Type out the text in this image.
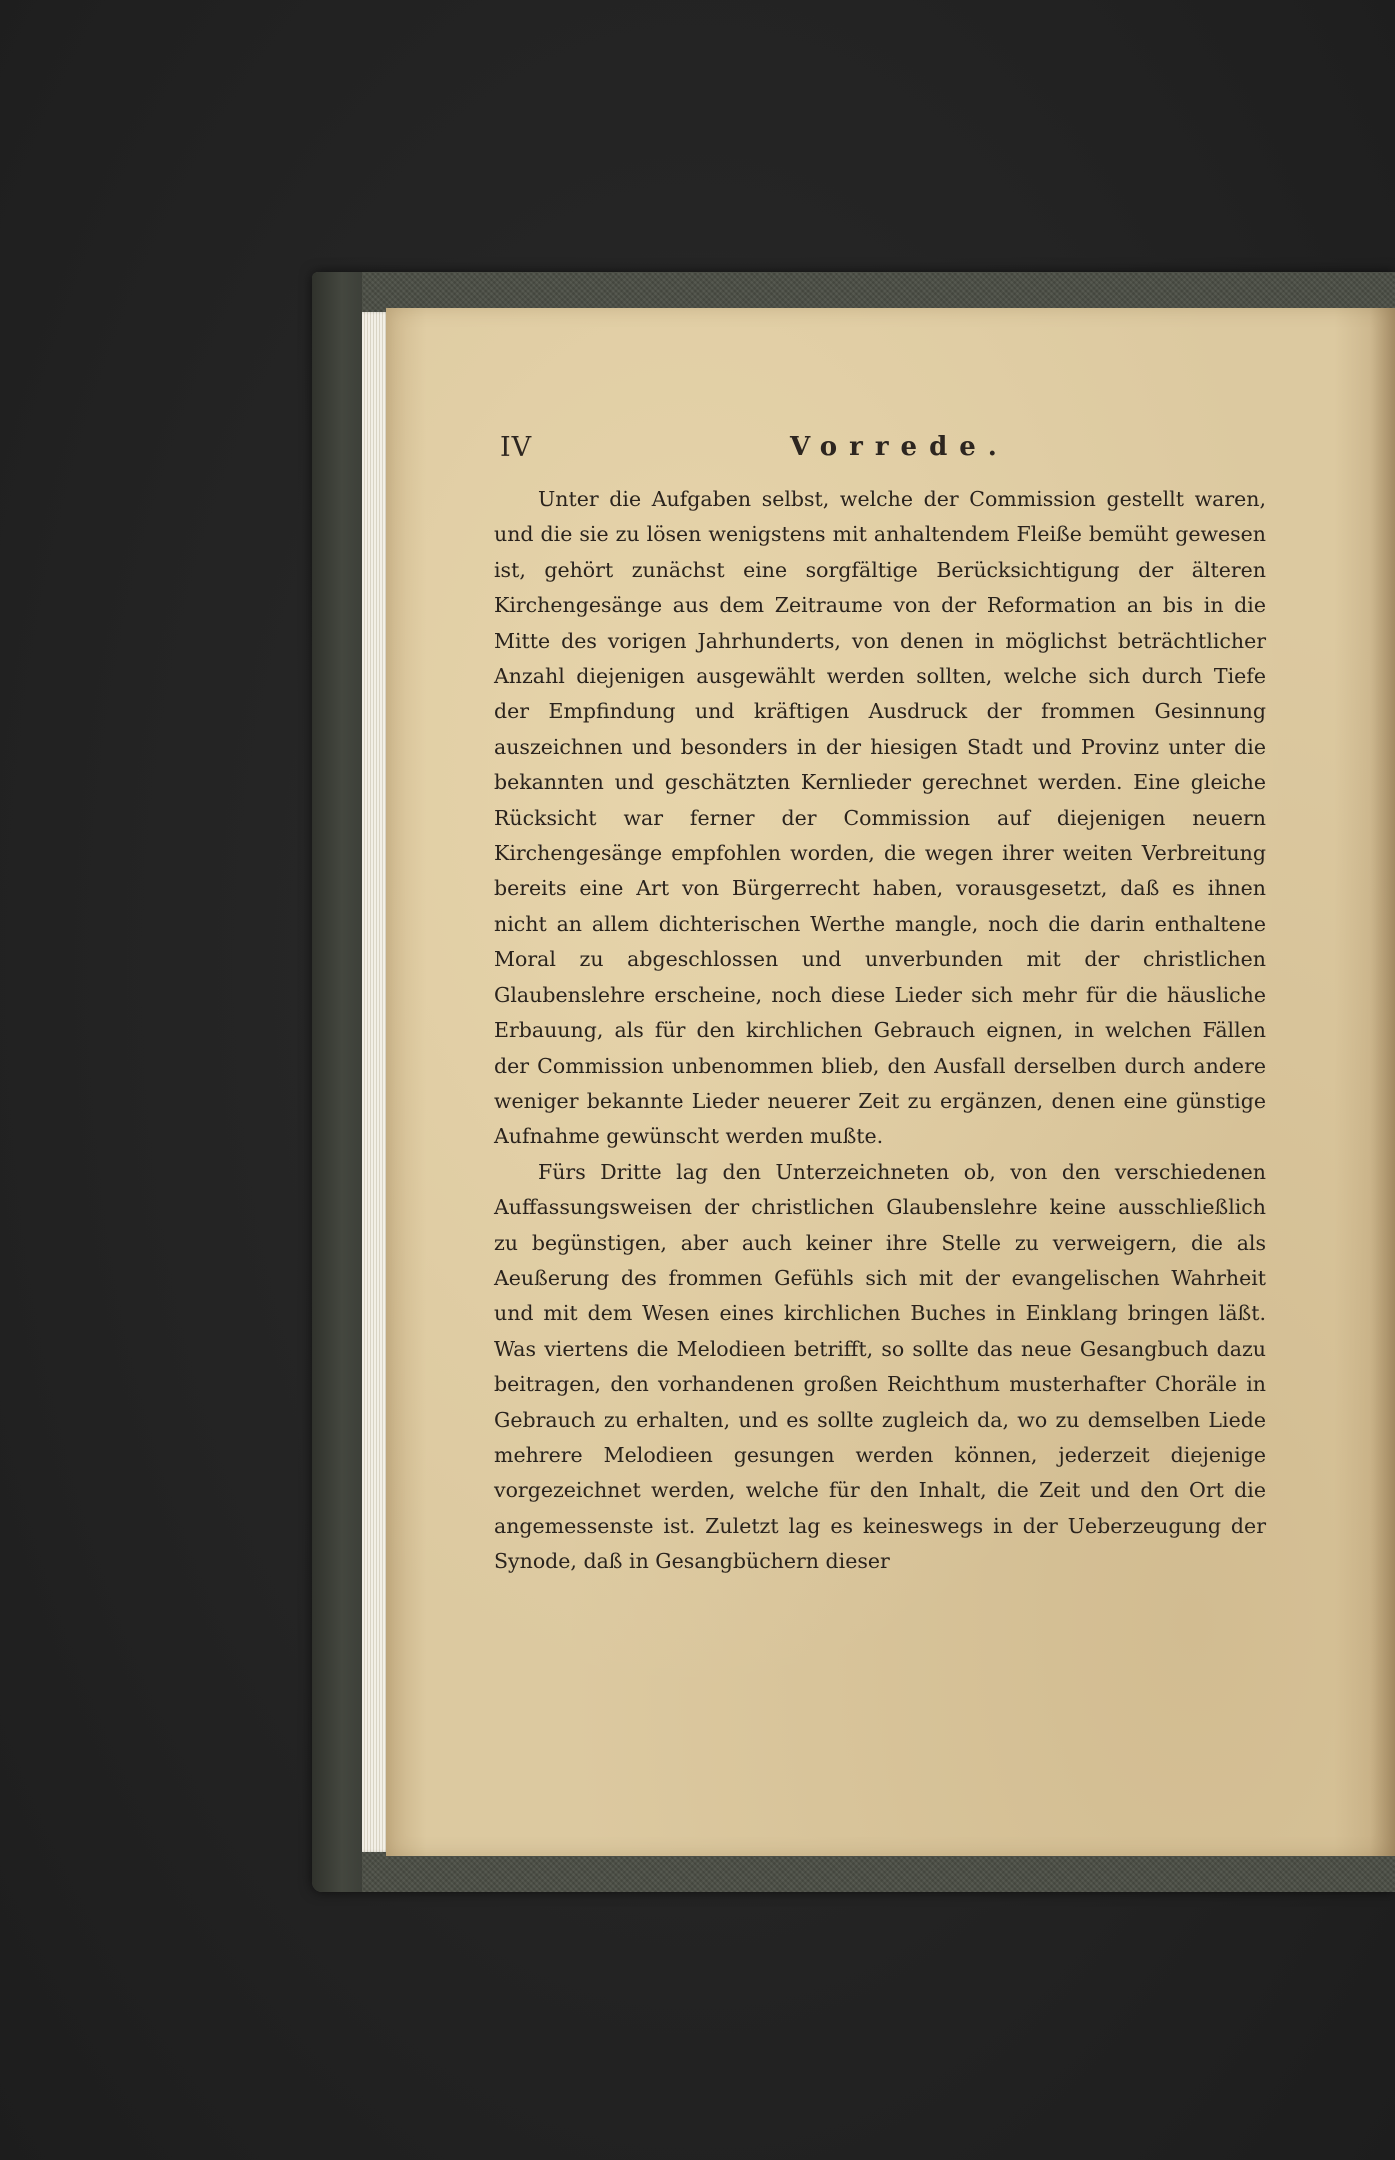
IV	Vorrede.

Unter die Aufgaben selbst, welche der Commission gestellt waren, und die sie zu lösen wenigstens mit anhaltendem Fleiße bemüht gewesen ist, gehört zunächst eine sorgfältige Berücksichtigung der älteren Kirchengesänge aus dem Zeitraume von der Reformation an bis in die Mitte des vorigen Jahrhunderts, von denen in möglichst beträchtlicher Anzahl diejenigen ausgewählt werden sollten, welche sich durch Tiefe der Empfindung und kräftigen Ausdruck der frommen Gesinnung auszeichnen und besonders in der hiesigen Stadt und Provinz unter die bekannten und geschätzten Kernlieder gerechnet werden. Eine gleiche Rücksicht war ferner der Commission auf diejenigen neuern Kirchengesänge empfohlen worden, die wegen ihrer weiten Verbreitung bereits eine Art von Bürgerrecht haben, vorausgesetzt, daß es ihnen nicht an allem dichterischen Werthe mangle, noch die darin enthaltene Moral zu abgeschlossen und unverbunden mit der christlichen Glaubenslehre erscheine, noch diese Lieder sich mehr für die häusliche Erbauung, als für den kirchlichen Gebrauch eignen, in welchen Fällen der Commission unbenommen blieb, den Ausfall derselben durch andere weniger bekannte Lieder neuerer Zeit zu ergänzen, denen eine günstige Aufnahme gewünscht werden mußte.

Fürs Dritte lag den Unterzeichneten ob, von den verschiedenen Auffassungsweisen der christlichen Glaubenslehre keine ausschließlich zu begünstigen, aber auch keiner ihre Stelle zu verweigern, die als Aeußerung des frommen Gefühls sich mit der evangelischen Wahrheit und mit dem Wesen eines kirchlichen Buches in Einklang bringen läßt. Was viertens die Melodieen betrifft, so sollte das neue Gesangbuch dazu beitragen, den vorhandenen großen Reichthum musterhafter Choräle in Gebrauch zu erhalten, und es sollte zugleich da, wo zu demselben Liede mehrere Melodieen gesungen werden können, jederzeit diejenige vorgezeichnet werden, welche für den Inhalt, die Zeit und den Ort die angemessenste ist. Zuletzt lag es keineswegs in der Ueberzeugung der Synode, daß in Gesangbüchern dieser
